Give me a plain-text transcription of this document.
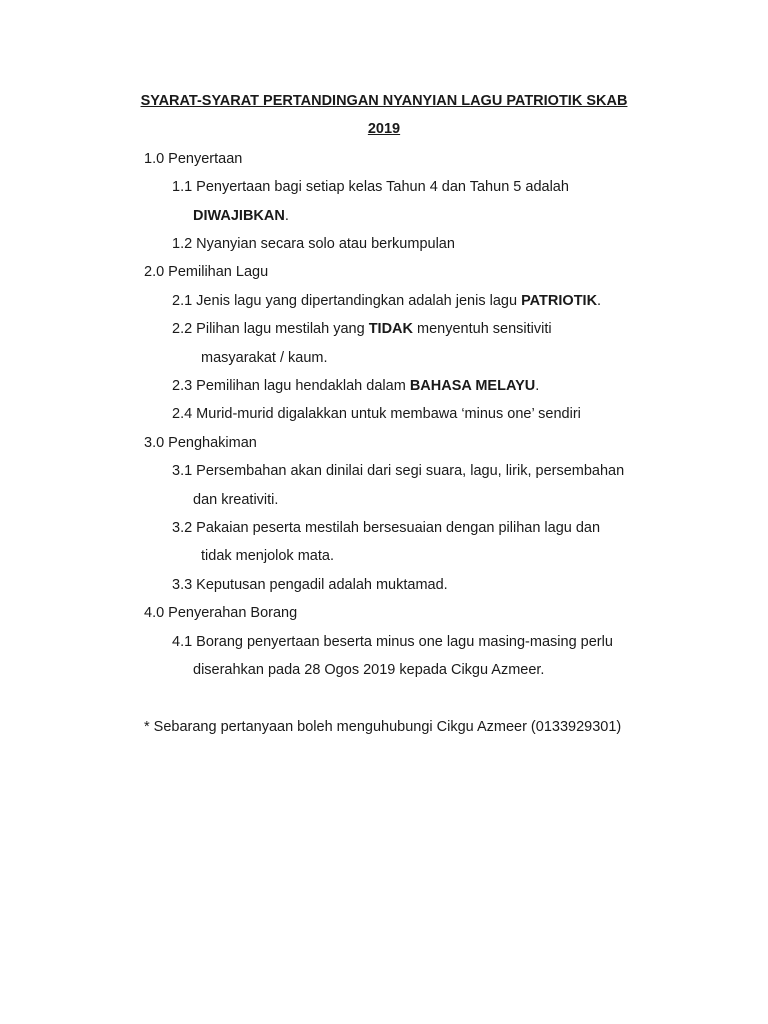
SYARAT-SYARAT PERTANDINGAN NYANYIAN LAGU PATRIOTIK SKAB
2019
1.0 Penyertaan
1.1 Penyertaan bagi setiap kelas Tahun 4 dan Tahun 5 adalah
DIWAJIBKAN.
1.2 Nyanyian secara solo atau berkumpulan
2.0 Pemilihan Lagu
2.1 Jenis lagu yang dipertandingkan adalah jenis lagu PATRIOTIK.
2.2 Pilihan lagu mestilah yang TIDAK menyentuh sensitiviti
masyarakat / kaum.
2.3 Pemilihan lagu hendaklah dalam BAHASA MELAYU.
2.4 Murid-murid digalakkan untuk membawa ‘minus one’ sendiri
3.0 Penghakiman
3.1 Persembahan akan dinilai dari segi suara, lagu, lirik, persembahan
dan kreativiti.
3.2 Pakaian peserta mestilah bersesuaian dengan pilihan lagu dan
tidak menjolok mata.
3.3 Keputusan pengadil adalah muktamad.
4.0 Penyerahan Borang
4.1 Borang penyertaan beserta minus one lagu masing-masing perlu
diserahkan pada 28 Ogos 2019 kepada Cikgu Azmeer.
* Sebarang pertanyaan boleh menguhubungi Cikgu Azmeer (0133929301)
